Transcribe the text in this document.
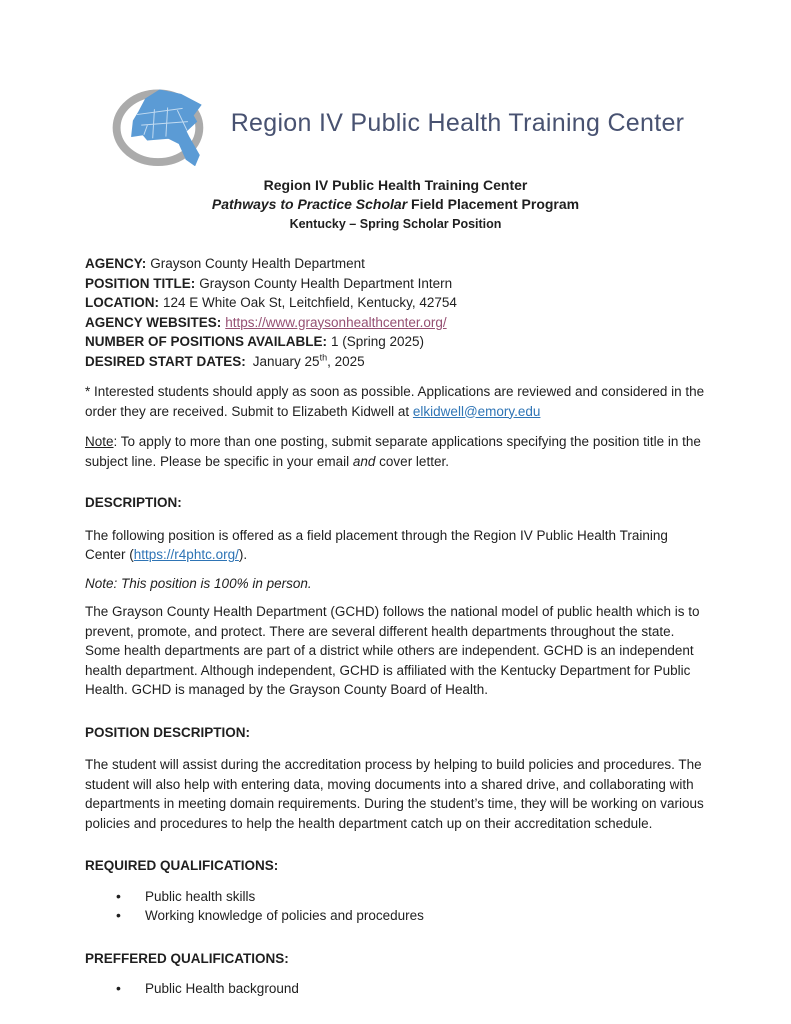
Region IV Public Health Training Center
Region IV Public Health Training Center
Pathways to Practice Scholar Field Placement Program
Kentucky – Spring Scholar Position
AGENCY: Grayson County Health Department
POSITION TITLE: Grayson County Health Department Intern
LOCATION: 124 E White Oak St, Leitchfield, Kentucky, 42754
AGENCY WEBSITES: https://www.graysonhealthcenter.org/
NUMBER OF POSITIONS AVAILABLE: 1 (Spring 2025)
DESIRED START DATES: January 25th, 2025

* Interested students should apply as soon as possible. Applications are reviewed and considered in the order they are received. Submit to Elizabeth Kidwell at elkidwell@emory.edu

Note: To apply to more than one posting, submit separate applications specifying the position title in the subject line. Please be specific in your email and cover letter.

DESCRIPTION:

The following position is offered as a field placement through the Region IV Public Health Training Center (https://r4phtc.org/).

Note: This position is 100% in person.

The Grayson County Health Department (GCHD) follows the national model of public health which is to prevent, promote, and protect. There are several different health departments throughout the state. Some health departments are part of a district while others are independent. GCHD is an independent health department. Although independent, GCHD is affiliated with the Kentucky Department for Public Health. GCHD is managed by the Grayson County Board of Health.

POSITION DESCRIPTION:

The student will assist during the accreditation process by helping to build policies and procedures. The student will also help with entering data, moving documents into a shared drive, and collaborating with departments in meeting domain requirements. During the student’s time, they will be working on various policies and procedures to help the health department catch up on their accreditation schedule.

REQUIRED QUALIFICATIONS:
• Public health skills
• Working knowledge of policies and procedures
PREFFERED QUALIFICATIONS:
• Public Health background
